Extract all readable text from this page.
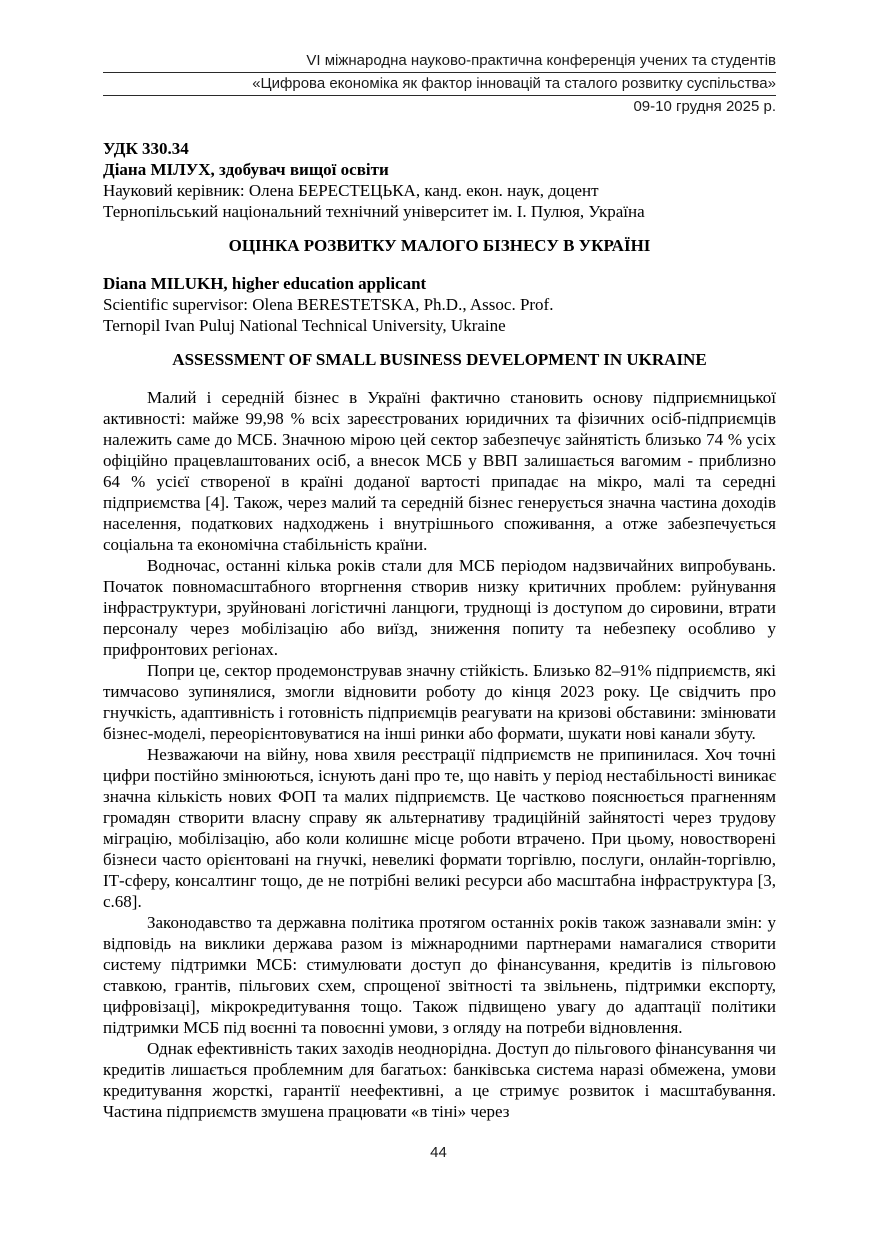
VI міжнародна науково-практична конференція учених та студентів
«Цифрова економіка як фактор інновацій та сталого розвитку суспільства»
09-10 грудня 2025 р.

УДК 330.34

Діана МІЛУХ, здобувач вищої освіти

Науковий керівник: Олена БЕРЕСТЕЦЬКА, канд. екон. наук, доцент

Тернопільський національний технічний університет ім. І. Пулюя, Україна

ОЦІНКА РОЗВИТКУ МАЛОГО БІЗНЕСУ В УКРАЇНІ

Diana MILUKH, higher education applicant

Scientific supervisor: Olena BERESTETSKA, Ph.D., Assoc. Prof.

Ternopil Ivan Puluj National Technical University, Ukraine

ASSESSMENT OF SMALL BUSINESS DEVELOPMENT IN UKRAINE

Малий і середній бізнес в Україні фактично становить основу підприємницької активності: майже 99,98 % всіх зареєстрованих юридичних та фізичних осіб-підприємців належить саме до МСБ. Значною мірою цей сектор забезпечує зайнятість близько 74 % усіх офіційно працевлаштованих осіб, а внесок МСБ у ВВП залишається вагомим - приблизно 64 % усієї створеної в країні доданої вартості припадає на мікро, малі та середні підприємства [4]. Також, через малий та середній бізнес генерується значна частина доходів населення, податкових надходжень і внутрішнього споживання, а отже забезпечується соціальна та економічна стабільність країни.

Водночас, останні кілька років стали для МСБ періодом надзвичайних випробувань. Початок повномасштабного вторгнення створив низку критичних проблем: руйнування інфраструктури, зруйновані логістичні ланцюги, труднощі із доступом до сировини, втрати персоналу через мобілізацію або виїзд, зниження попиту та небезпеку особливо у прифронтових регіонах.

Попри це, сектор продемонстрував значну стійкість. Близько 82–91% підприємств, які тимчасово зупинялися, змогли відновити роботу до кінця 2023 року. Це свідчить про гнучкість, адаптивність і готовність підприємців реагувати на кризові обставини: змінювати бізнес-моделі, переорієнтовуватися на інші ринки або формати, шукати нові канали збуту.

Незважаючи на війну, нова хвиля реєстрації підприємств не припинилася. Хоч точні цифри постійно змінюються, існують дані про те, що навіть у період нестабільності виникає значна кількість нових ФОП та малих підприємств. Це частково пояснюється прагненням громадян створити власну справу як альтернативу традиційній зайнятості через трудову міграцію, мобілізацію, або коли колишнє місце роботи втрачено. При цьому, новостворені бізнеси часто орієнтовані на гнучкі, невеликі формати торгівлю, послуги, онлайн-торгівлю, ІТ-сферу, консалтинг тощо, де не потрібні великі ресурси або масштабна інфраструктура [3, с.68].

Законодавство та державна політика протягом останніх років також зазнавали змін: у відповідь на виклики держава разом із міжнародними партнерами намагалися створити систему підтримки МСБ: стимулювати доступ до фінансування, кредитів із пільговою ставкою, грантів, пільгових схем, спрощеної звітності та звільнень, підтримки експорту, цифровізаці], мікрокредитування тощо. Також підвищено увагу до адаптації політики підтримки МСБ під воєнні та повоєнні умови, з огляду на потреби відновлення.

Однак ефективність таких заходів неоднорідна. Доступ до пільгового фінансування чи кредитів лишається проблемним для багатьох: банківська система наразі обмежена, умови кредитування жорсткі, гарантії неефективні, а це стримує розвиток і масштабування. Частина підприємств змушена працювати «в тіні» через

44
